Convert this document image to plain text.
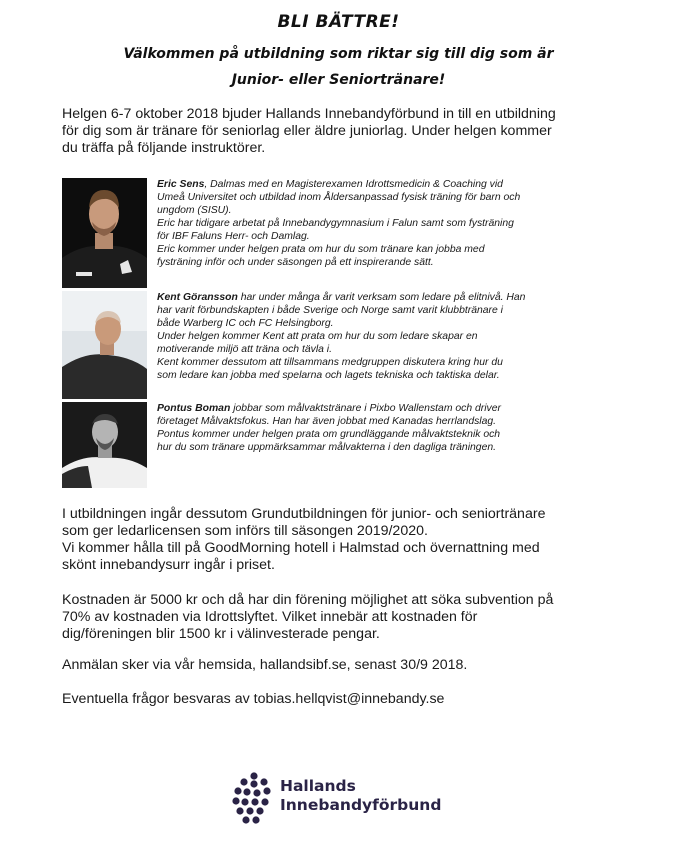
BLI BÄTTRE!
Välkommen på utbildning som riktar sig till dig som är
Junior- eller Seniortränare!

Helgen 6-7 oktober 2018 bjuder Hallands Innebandyförbund in till en utbildning
för dig som är tränare för seniorlag eller äldre juniorlag. Under helgen kommer
du träffa på följande instruktörer.

Eric Sens, Dalmas med en Magisterexamen Idrottsmedicin & Coaching vid
Umeå Universitet och utbildad inom Åldersanpassad fysisk träning för barn och
ungdom (SISU).
Eric har tidigare arbetat på Innebandygymnasium i Falun samt som fysträning
för IBF Faluns Herr- och Damlag.
Eric kommer under helgen prata om hur du som tränare kan jobba med
fysträning inför och under säsongen på ett inspirerande sätt.

Kent Göransson har under många år varit verksam som ledare på elitnivå. Han
har varit förbundskapten i både Sverige och Norge samt varit klubbtränare i
både Warberg IC och FC Helsingborg.
Under helgen kommer Kent att prata om hur du som ledare skapar en
motiverande miljö att träna och tävla i.
Kent kommer dessutom att tillsammans medgruppen diskutera kring hur du
som ledare kan jobba med spelarna och lagets tekniska och taktiska delar.

Pontus Boman jobbar som målvaktstränare i Pixbo Wallenstam och driver
företaget Målvaktsfokus. Han har även jobbat med Kanadas herrlandslag.
Pontus kommer under helgen prata om grundläggande målvaktsteknik och
hur du som tränare uppmärksammar målvakterna i den dagliga träningen.

I utbildningen ingår dessutom Grundutbildningen för junior- och seniortränare
som ger ledarlicensen som införs till säsongen 2019/2020.
Vi kommer hålla till på GoodMorning hotell i Halmstad och övernattning med
skönt innebandysurr ingår i priset.

Kostnaden är 5000 kr och då har din förening möjlighet att söka subvention på
70% av kostnaden via Idrottslyftet. Vilket innebär att kostnaden för
dig/föreningen blir 1500 kr i välinvesterade pengar.

Anmälan sker via vår hemsida, hallandsibf.se, senast 30/9 2018.

Eventuella frågor besvaras av tobias.hellqvist@innebandy.se

Hallands
Innebandyförbund
